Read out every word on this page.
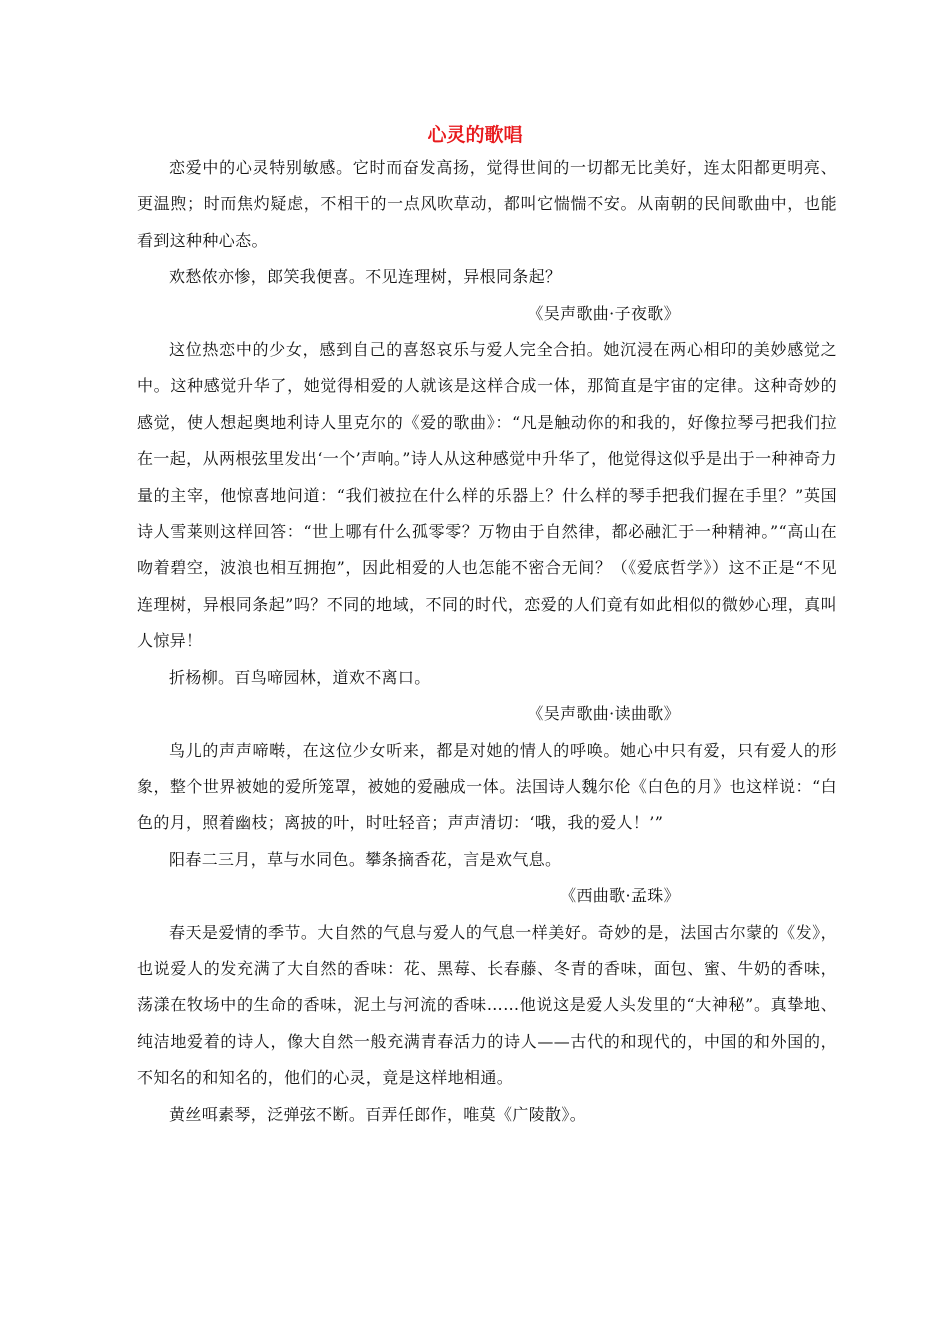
心灵的歌唱

恋爱中的心灵特别敏感。它时而奋发高扬，觉得世间的一切都无比美好，连太阳都更明亮、更温煦；时而焦灼疑虑，不相干的一点风吹草动，都叫它惴惴不安。从南朝的民间歌曲中，也能看到这种种心态。

欢愁侬亦惨，郎笑我便喜。不见连理树，异根同条起？

《吴声歌曲·子夜歌》

这位热恋中的少女，感到自己的喜怒哀乐与爱人完全合拍。她沉浸在两心相印的美妙感觉之中。这种感觉升华了，她觉得相爱的人就该是这样合成一体，那简直是宇宙的定律。这种奇妙的感觉，使人想起奥地利诗人里克尔的《爱的歌曲》：“凡是触动你的和我的，好像拉琴弓把我们拉在一起，从两根弦里发出‘一个’声响。”诗人从这种感觉中升华了，他觉得这似乎是出于一种神奇力量的主宰，他惊喜地问道：“我们被拉在什么样的乐器上？什么样的琴手把我们握在手里？”英国诗人雪莱则这样回答：“世上哪有什么孤零零？万物由于自然律，都必融汇于一种精神。”“高山在吻着碧空，波浪也相互拥抱”，因此相爱的人也怎能不密合无间？（《爱底哲学》）这不正是“不见连理树，异根同条起”吗？不同的地域，不同的时代，恋爱的人们竟有如此相似的微妙心理，真叫人惊异！

折杨柳。百鸟啼园林，道欢不离口。

《吴声歌曲·读曲歌》

鸟儿的声声啼啭，在这位少女听来，都是对她的情人的呼唤。她心中只有爱，只有爱人的形象，整个世界被她的爱所笼罩，被她的爱融成一体。法国诗人魏尔伦《白色的月》也这样说：“白色的月，照着幽枝；离披的叶，时吐轻音；声声清切：‘哦，我的爱人！’”

阳春二三月，草与水同色。攀条摘香花，言是欢气息。

《西曲歌·孟珠》

春天是爱情的季节。大自然的气息与爱人的气息一样美好。奇妙的是，法国古尔蒙的《发》，也说爱人的发充满了大自然的香味：花、黑莓、长春藤、冬青的香味，面包、蜜、牛奶的香味，荡漾在牧场中的生命的香味，泥土与河流的香味……他说这是爱人头发里的“大神秘”。真挚地、纯洁地爱着的诗人，像大自然一般充满青春活力的诗人——古代的和现代的，中国的和外国的，不知名的和知名的，他们的心灵，竟是这样地相通。

黄丝咡素琴，泛弹弦不断。百弄任郎作，唯莫《广陵散》。
